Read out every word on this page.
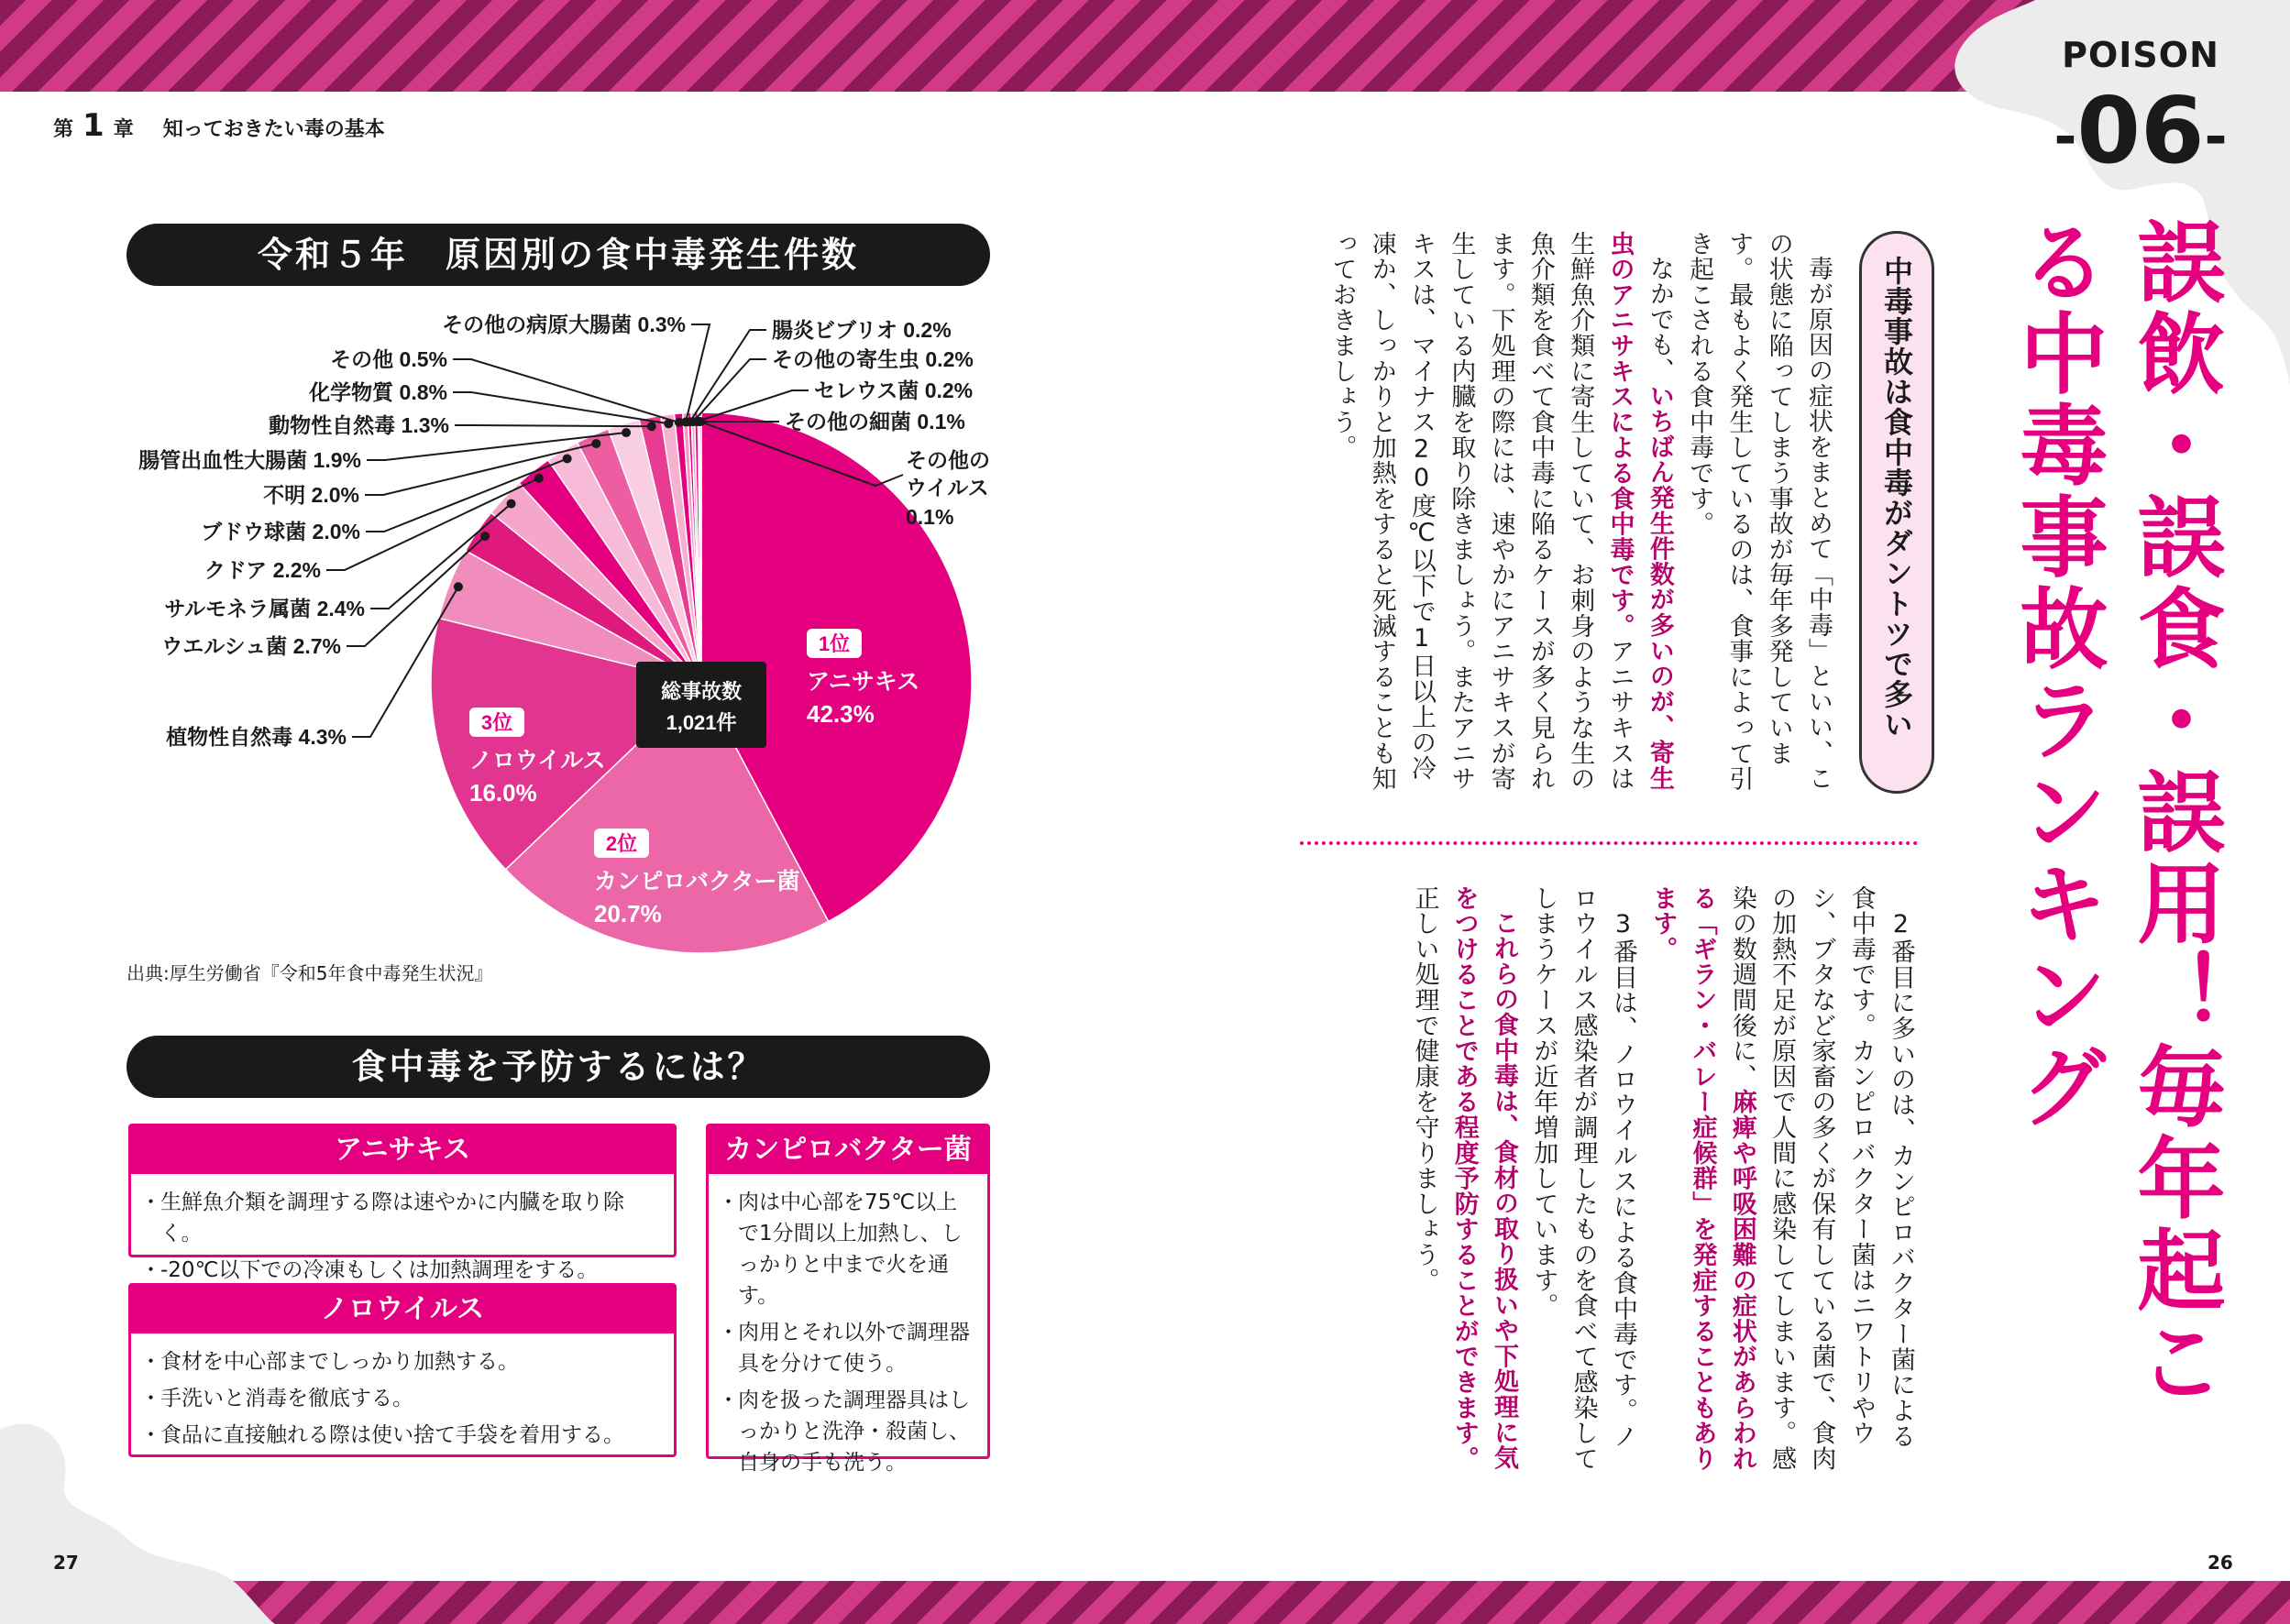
第 1 章 知っておきたい毒の基本
POISON
-06-
誤飲・誤食・誤用！毎年起こる中毒事故ランキング
中毒事故は食中毒がダントツで多い

毒が原因の症状をまとめて「中毒」といい、この状態に陥ってしまう事故が毎年多発しています。最もよく発生しているのは、食事によって引き起こされる食中毒です。

なかでも、いちばん発生件数が多いのが、寄生虫のアニサキスによる食中毒です。アニサキスは生鮮魚介類に寄生していて、お刺身のような生の魚介類を食べて食中毒に陥るケースが多く見られます。下処理の際には、速やかにアニサキスが寄生している内臓を取り除きましょう。またアニサキスは、マイナス20度℃以下で1日以上の冷凍か、しっかりと加熱をすると死滅することも知っておきましょう。

2番目に多いのは、カンピロバクター菌による食中毒です。カンピロバクター菌はニワトリやウシ、ブタなど家畜の多くが保有している菌で、食肉の加熱不足が原因で人間に感染してしまいます。感染の数週間後に、麻痺や呼吸困難の症状があらわれる「ギラン・バレー症候群」を発症することもあります。

3番目は、ノロウイルスによる食中毒です。ノロウイルス感染者が調理したものを食べて感染してしまうケースが近年増加しています。

これらの食中毒は、食材の取り扱いや下処理に気をつけることである程度予防することができます。正しい処理で健康を守りましょう。

令和５年　原因別の食中毒発生件数
植物性自然毒 4.3%
ウエルシュ菌 2.7%
サルモネラ属菌 2.4%
クドア 2.2%
ブドウ球菌 2.0%
不明 2.0%
腸管出血性大腸菌 1.9%
動物性自然毒 1.3%
化学物質 0.8%
その他 0.5%
その他の病原大腸菌 0.3%	腸炎ビブリオ 0.2%
その他の寄生虫 0.2%
セレウス菌 0.2%
その他の細菌 0.1%
その他の
ウイルス
0.1%
総事故数
1,021件
1位
アニサキス
42.3%
2位
カンピロバクター菌
20.7%
3位
ノロウイルス
16.0%
出典:厚生労働省『令和5年食中毒発生状況』
食中毒を予防するには？
アニサキス
・ 生鮮魚介類を調理する際は速やかに内臓を取り除く。
・ -20℃以下での冷凍もしくは加熱調理をする。
ノロウイルス
・ 食材を中心部までしっかり加熱する。
・ 手洗いと消毒を徹底する。
・ 食品に直接触れる際は使い捨て手袋を着用する。
カンピロバクター菌
・ 肉は中心部を75℃以上で1分間以上加熱し、しっかりと中まで火を通す。
・ 肉用とそれ以外で調理器具を分けて使う。
・ 肉を扱った調理器具はしっかりと洗浄・殺菌し、自身の手も洗う。
27	26
